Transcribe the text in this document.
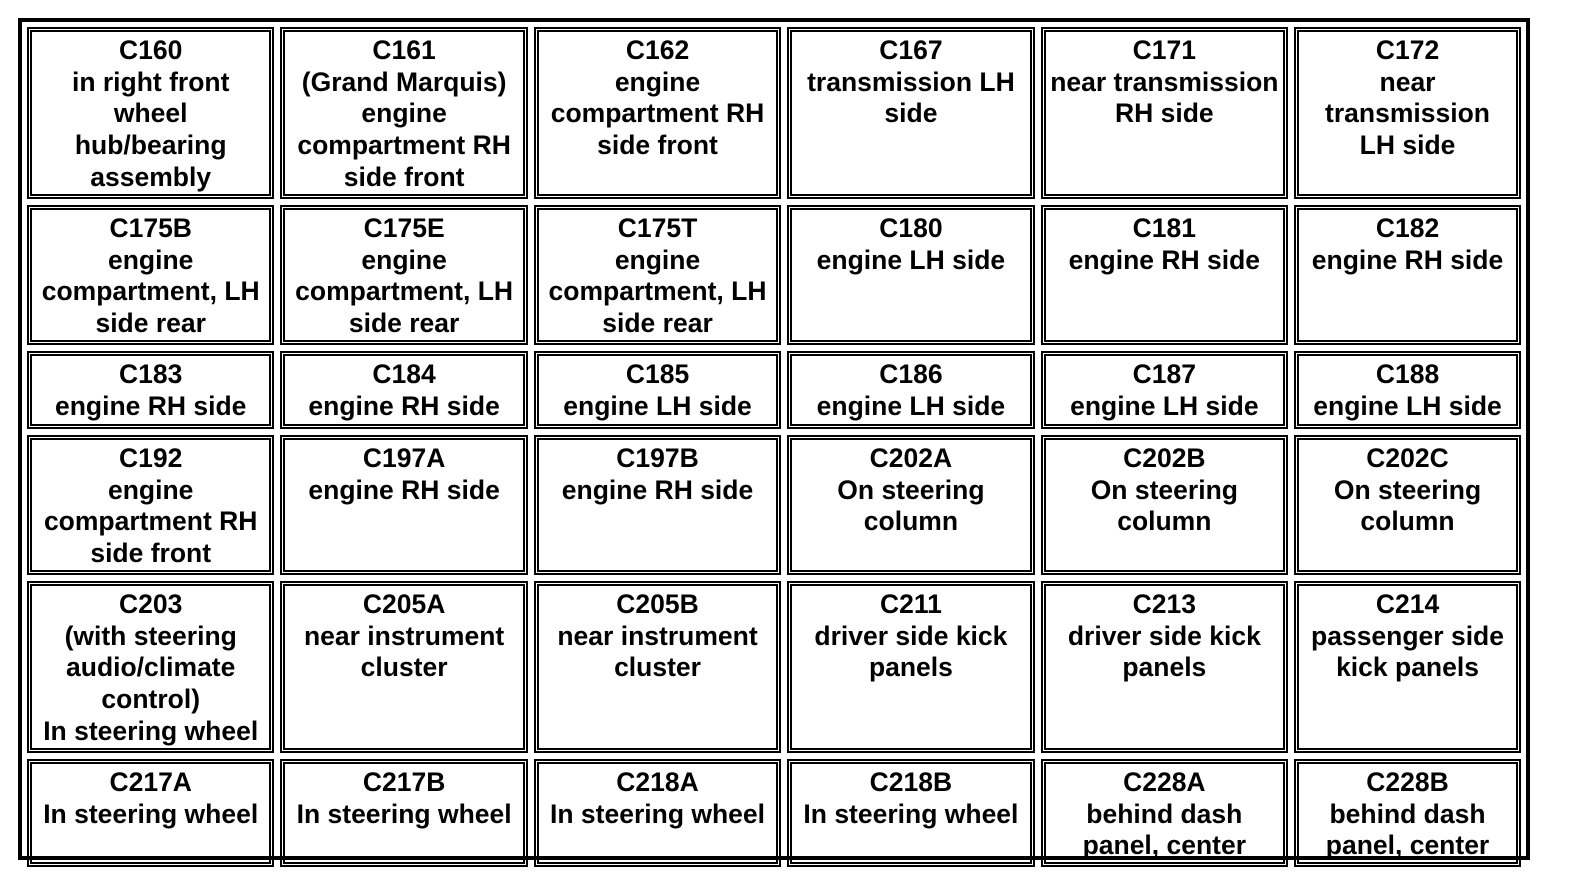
C160
in right front
wheel
hub/bearing
assembly	C161
(Grand Marquis)
engine
compartment RH
side front	C162
engine
compartment RH
side front	C167
transmission LH
side	C171
near transmission
RH side	C172
near
transmission
LH side

C175B
engine
compartment, LH
side rear	C175E
engine
compartment, LH
side rear	C175T
engine
compartment, LH
side rear	C180
engine LH side	C181
engine RH side	C182
engine RH side

C183
engine RH side	C184
engine RH side	C185
engine LH side	C186
engine LH side	C187
engine LH side	C188
engine LH side

C192
engine
compartment RH
side front	C197A
engine RH side	C197B
engine RH side	C202A
On steering
column	C202B
On steering
column	C202C
On steering
column

C203
(with steering
audio/climate
control)
In steering wheel	C205A
near instrument
cluster	C205B
near instrument
cluster	C211
driver side kick
panels	C213
driver side kick
panels	C214
passenger side
kick panels

C217A
In steering wheel	C217B
In steering wheel	C218A
In steering wheel	C218B
In steering wheel	C228A
behind dash
panel, center	C228B
behind dash
panel, center
